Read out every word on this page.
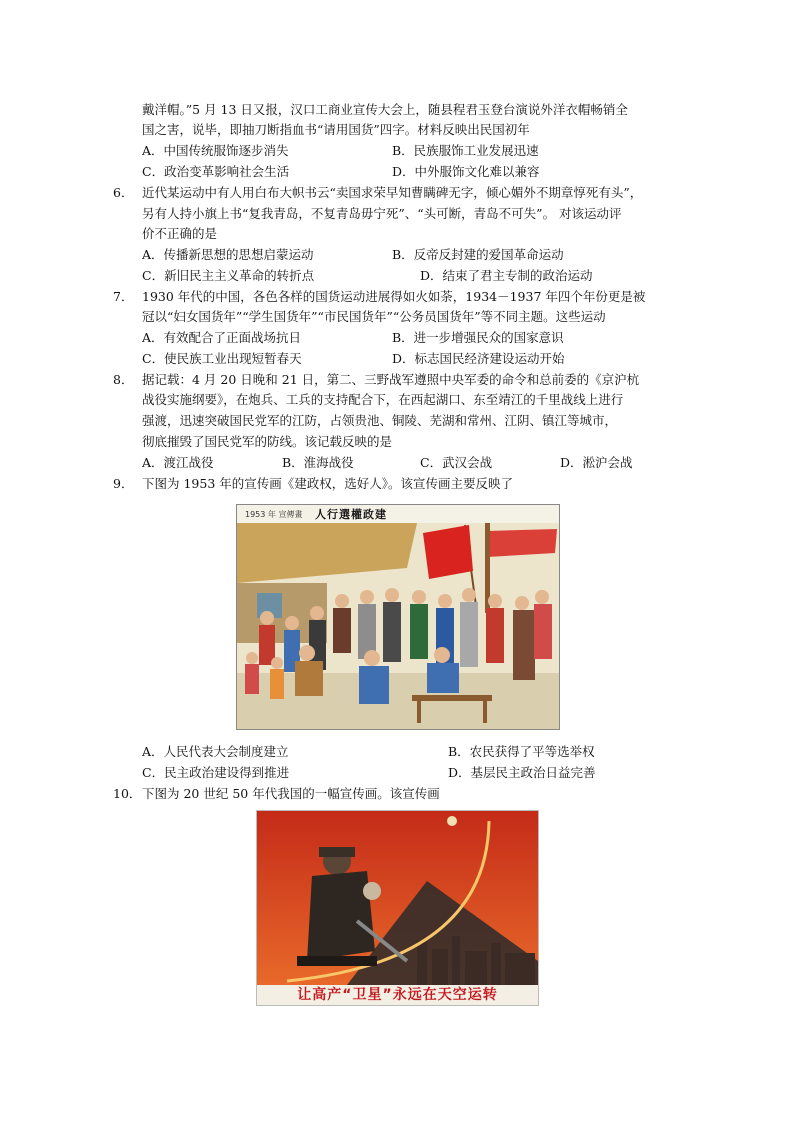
戴洋帽。”5 月 13 日又报，汉口工商业宣传大会上，随县程君玉登台演说外洋衣帽畅销全
国之害，说毕，即抽刀断指血书“请用国货”四字。材料反映出民国初年
A．中国传统服饰逐步消失	B．民族服饰工业发展迅速
C．政治变革影响社会生活	D．中外服饰文化难以兼容
6． 近代某运动中有人用白布大帜书云“卖国求荣早知曹瞒碑无字，倾心媚外不期章惇死有头”，
另有人持小旗上书“复我青岛，不复青岛毋宁死”、“头可断，青岛不可失”。 对该运动评
价不正确的是
A．传播新思想的思想启蒙运动	B．反帝反封建的爱国革命运动
C．新旧民主主义革命的转折点	D．结束了君主专制的政治运动
7． 1930 年代的中国，各色各样的国货运动进展得如火如荼，1934－1937 年四个年份更是被
冠以“妇女国货年”“学生国货年”“市民国货年”“公务员国货年”等不同主题。这些运动
A．有效配合了正面战场抗日	B．进一步增强民众的国家意识
C．使民族工业出现短暂春天	D．标志国民经济建设运动开始
8． 据记载：4 月 20 日晚和 21 日，第二、三野战军遵照中央军委的命令和总前委的《京沪杭
战役实施纲要》，在炮兵、工兵的支持配合下，在西起湖口、东至靖江的千里战线上进行
强渡，迅速突破国民党军的江防，占领贵池、铜陵、芜湖和常州、江阴、镇江等城市，
彻底摧毁了国民党军的防线。该记载反映的是
A．渡江战役	B．淮海战役	C．武汉会战	D．淞沪会战
9． 下图为 1953 年的宣传画《建政权，选好人》。该宣传画主要反映了
1953 年 宣傳畫 人行選權政建
A．人民代表大会制度建立	B．农民获得了平等选举权
C．民主政治建设得到推进	D．基层民主政治日益完善
10． 下图为 20 世纪 50 年代我国的一幅宣传画。该宣传画
让高产“卫星”永远在天空运转
